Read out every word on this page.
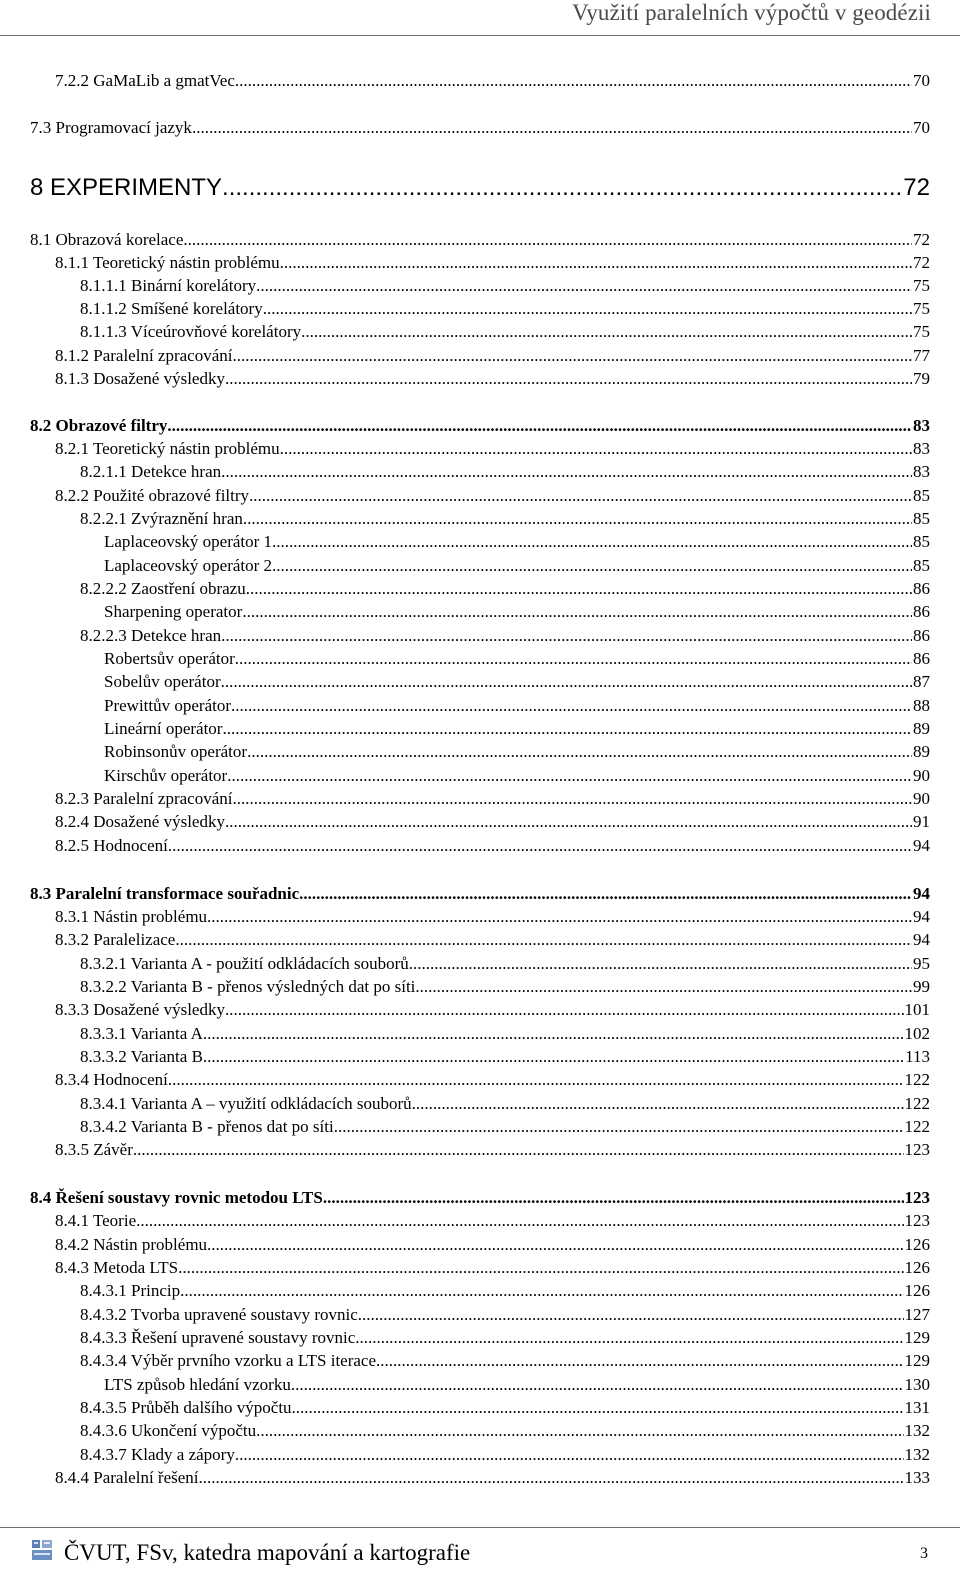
Využití paralelních výpočtů v geodézii
7.2.2 GaMaLib a gmatVec .....	70
7.3 Programovací jazyk .....	70
8 EXPERIMENTY .....	72
8.1 Obrazová korelace .....	72
8.1.1 Teoretický nástin problému .....	72
8.1.1.1 Binární korelátory .....	75
8.1.1.2 Smíšené korelátory .....	75
8.1.1.3 Víceúrovňové korelátory .....	75
8.1.2 Paralelní zpracování .....	77
8.1.3 Dosažené výsledky .....	79
8.2 Obrazové filtry .....	83
8.2.1 Teoretický nástin problému .....	83
8.2.1.1 Detekce hran .....	83
8.2.2 Použité obrazové filtry .....	85
8.2.2.1 Zvýraznění hran .....	85
Laplaceovský operátor 1 .....	85
Laplaceovský operátor 2 .....	85
8.2.2.2 Zaostření obrazu .....	86
Sharpening operator .....	86
8.2.2.3 Detekce hran .....	86
Robertsův operátor .....	86
Sobelův operátor .....	87
Prewittův operátor .....	88
Lineární operátor .....	89
Robinsonův operátor .....	89
Kirschův operátor .....	90
8.2.3 Paralelní zpracování .....	90
8.2.4 Dosažené výsledky .....	91
8.2.5 Hodnocení .....	94
8.3 Paralelní transformace souřadnic .....	94
8.3.1 Nástin problému .....	94
8.3.2 Paralelizace .....	94
8.3.2.1 Varianta A - použití odkládacích souborů .....	95
8.3.2.2 Varianta B - přenos výsledných dat po síti .....	99
8.3.3 Dosažené výsledky .....	101
8.3.3.1 Varianta A .....	102
8.3.3.2 Varianta B .....	113
8.3.4 Hodnocení .....	122
8.3.4.1 Varianta A – využití odkládacích souborů .....	122
8.3.4.2 Varianta B - přenos dat po síti .....	122
8.3.5 Závěr .....	123
8.4 Řešení soustavy rovnic metodou LTS .....	123
8.4.1 Teorie .....	123
8.4.2 Nástin problému .....	126
8.4.3 Metoda LTS .....	126
8.4.3.1 Princip .....	126
8.4.3.2 Tvorba upravené soustavy rovnic .....	127
8.4.3.3 Řešení upravené soustavy rovnic .....	129
8.4.3.4 Výběr prvního vzorku a LTS iterace .....	129
LTS způsob hledání vzorku .....	130
8.4.3.5 Průběh dalšího výpočtu .....	131
8.4.3.6 Ukončení výpočtu .....	132
8.4.3.7 Klady a zápory .....	132
8.4.4 Paralelní řešení .....	133
ČVUT, FSv, katedra mapování a kartografie	3
